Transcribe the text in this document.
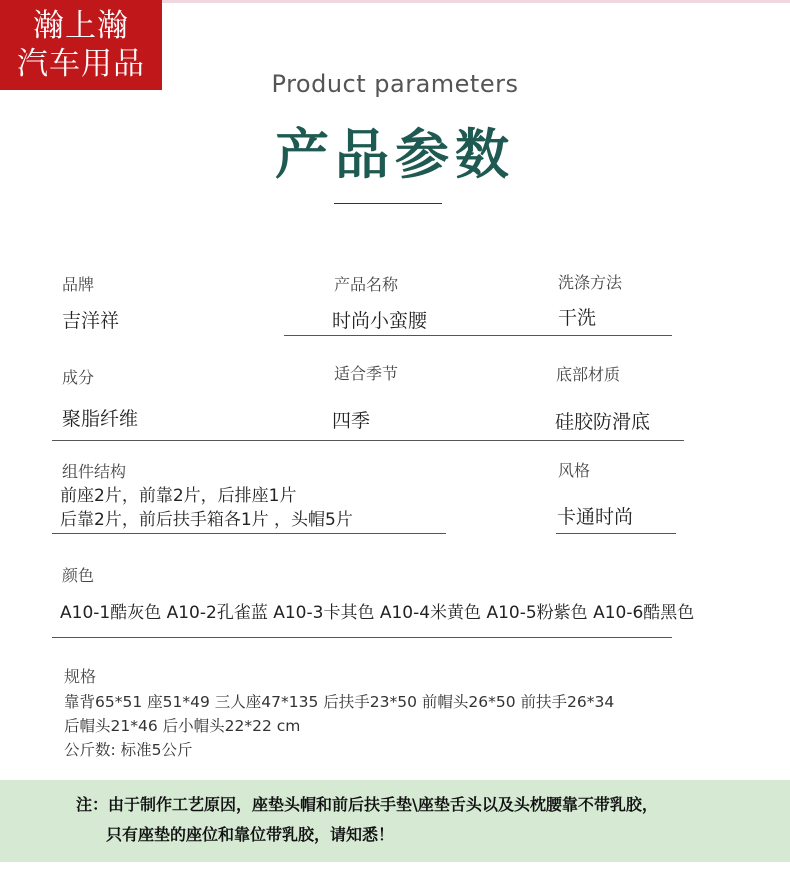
瀚上瀚
汽车用品
Product parameters
产品参数
品牌
吉洋祥
产品名称
时尚小蛮腰
洗涤方法
干洗
成分
聚脂纤维
适合季节
四季
底部材质
硅胶防滑底
组件结构
前座2片，前靠2片，后排座1片
后靠2片，前后扶手箱各1片 ，头帽5片
风格
卡通时尚
颜色
A10-1酷灰色 A10-2孔雀蓝 A10-3卡其色 A10-4米黄色 A10-5粉紫色 A10-6酷黑色
规格
靠背65*51 座51*49 三人座47*135 后扶手23*50 前帽头26*50 前扶手26*34
后帽头21*46 后小帽头22*22 cm
公斤数: 标准5公斤
注：由于制作工艺原因，座垫头帽和前后扶手垫\座垫舌头以及头枕腰靠不带乳胶，
只有座垫的座位和靠位带乳胶，请知悉！
